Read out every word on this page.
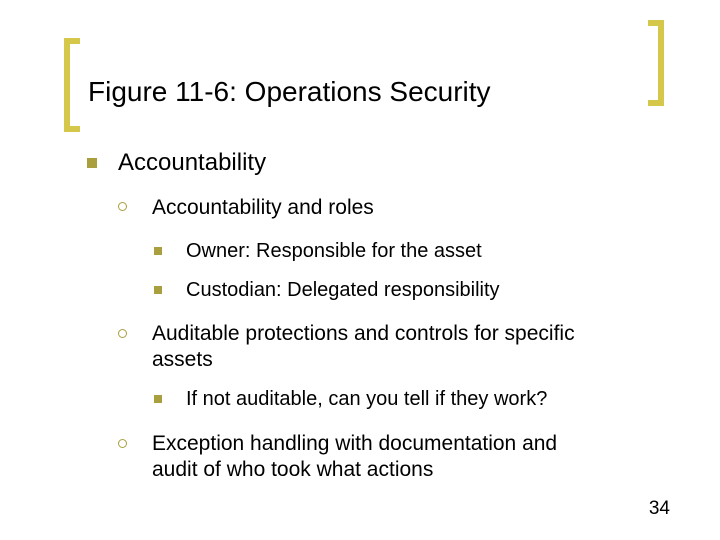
Figure 11-6: Operations Security
Accountability
Accountability and roles
Owner: Responsible for the asset
Custodian: Delegated responsibility
Auditable protections and controls for specific
assets
If not auditable, can you tell if they work?
Exception handling with documentation and
audit of who took what actions
34
